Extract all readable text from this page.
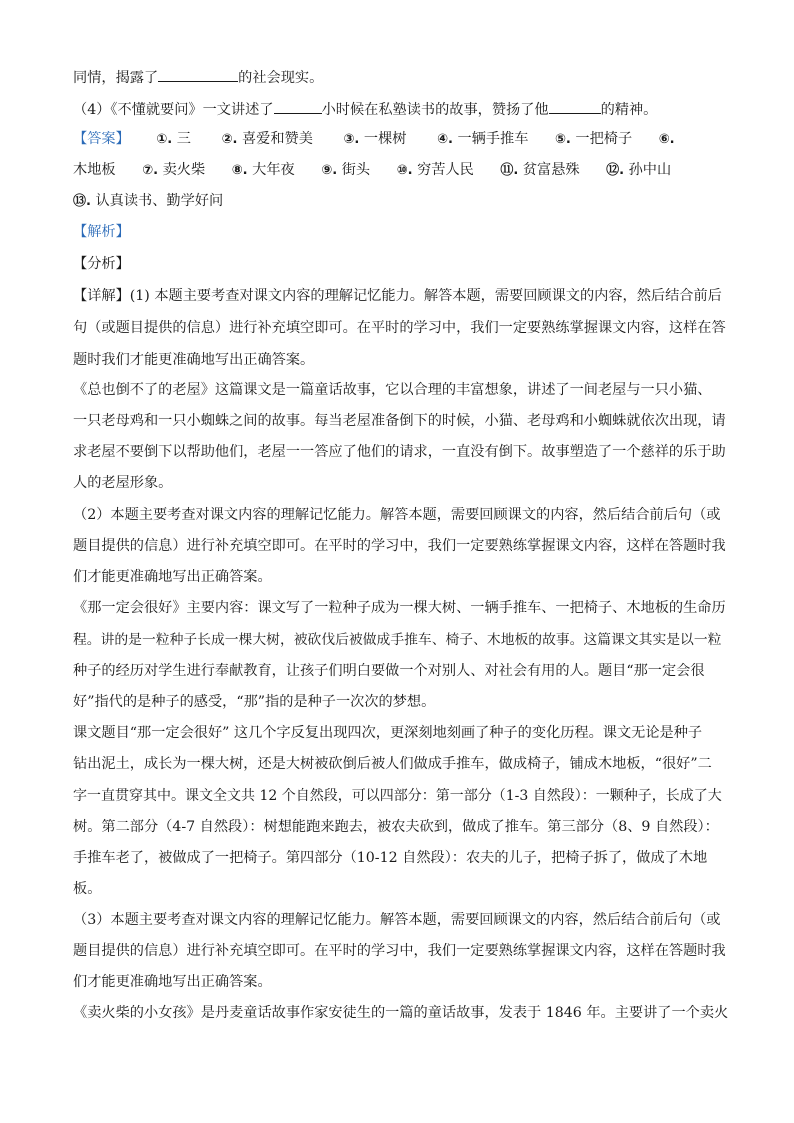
同情，揭露了	的社会现实。
（4）《不懂就要问》一文讲述了	小时候在私塾读书的故事，赞扬了他	的精神。
【答案】 ①. 三 ②. 喜爱和赞美 ③. 一棵树 ④. 一辆手推车 ⑤. 一把椅子 ⑥.
木地板 ⑦. 卖火柴 ⑧. 大年夜 ⑨. 街头 ⑩. 穷苦人民 ⑪. 贫富悬殊 ⑫. 孙中山
⑬. 认真读书、勤学好问
【解析】
【分析】
【详解】(1) 本题主要考查对课文内容的理解记忆能力。解答本题，需要回顾课文的内容，然后结合前后
句（或题目提供的信息）进行补充填空即可。在平时的学习中，我们一定要熟练掌握课文内容，这样在答
题时我们才能更准确地写出正确答案。
《总也倒不了的老屋》这篇课文是一篇童话故事，它以合理的丰富想象，讲述了一间老屋与一只小猫、
一只老母鸡和一只小蜘蛛之间的故事。每当老屋准备倒下的时候，小猫、老母鸡和小蜘蛛就依次出现，请
求老屋不要倒下以帮助他们，老屋一一答应了他们的请求，一直没有倒下。故事塑造了一个慈祥的乐于助
人的老屋形象。
（2）本题主要考查对课文内容的理解记忆能力。解答本题，需要回顾课文的内容，然后结合前后句（或
题目提供的信息）进行补充填空即可。在平时的学习中，我们一定要熟练掌握课文内容，这样在答题时我
们才能更准确地写出正确答案。
《那一定会很好》主要内容：课文写了一粒种子成为一棵大树、一辆手推车、一把椅子、木地板的生命历
程。讲的是一粒种子长成一棵大树，被砍伐后被做成手推车、椅子、木地板的故事。这篇课文其实是以一粒
种子的经历对学生进行奉献教育，让孩子们明白要做一个对别人、对社会有用的人。题目“那一定会很
好”指代的是种子的感受，“那”指的是种子一次次的梦想。
课文题目“那一定会很好” 这几个字反复出现四次，更深刻地刻画了种子的变化历程。课文无论是种子
钻出泥土，成长为一棵大树，还是大树被砍倒后被人们做成手推车，做成椅子，铺成木地板，“很好”二
字一直贯穿其中。课文全文共 12 个自然段，可以四部分：第一部分（1-3 自然段）：一颗种子，长成了大
树。第二部分（4-7 自然段）：树想能跑来跑去，被农夫砍到，做成了推车。第三部分（8、9 自然段）：
手推车老了，被做成了一把椅子。第四部分（10-12 自然段）：农夫的儿子，把椅子拆了，做成了木地
板。
（3）本题主要考查对课文内容的理解记忆能力。解答本题，需要回顾课文的内容，然后结合前后句（或
题目提供的信息）进行补充填空即可。在平时的学习中，我们一定要熟练掌握课文内容，这样在答题时我
们才能更准确地写出正确答案。
《卖火柴的小女孩》是丹麦童话故事作家安徒生的一篇的童话故事，发表于 1846 年。主要讲了一个卖火
